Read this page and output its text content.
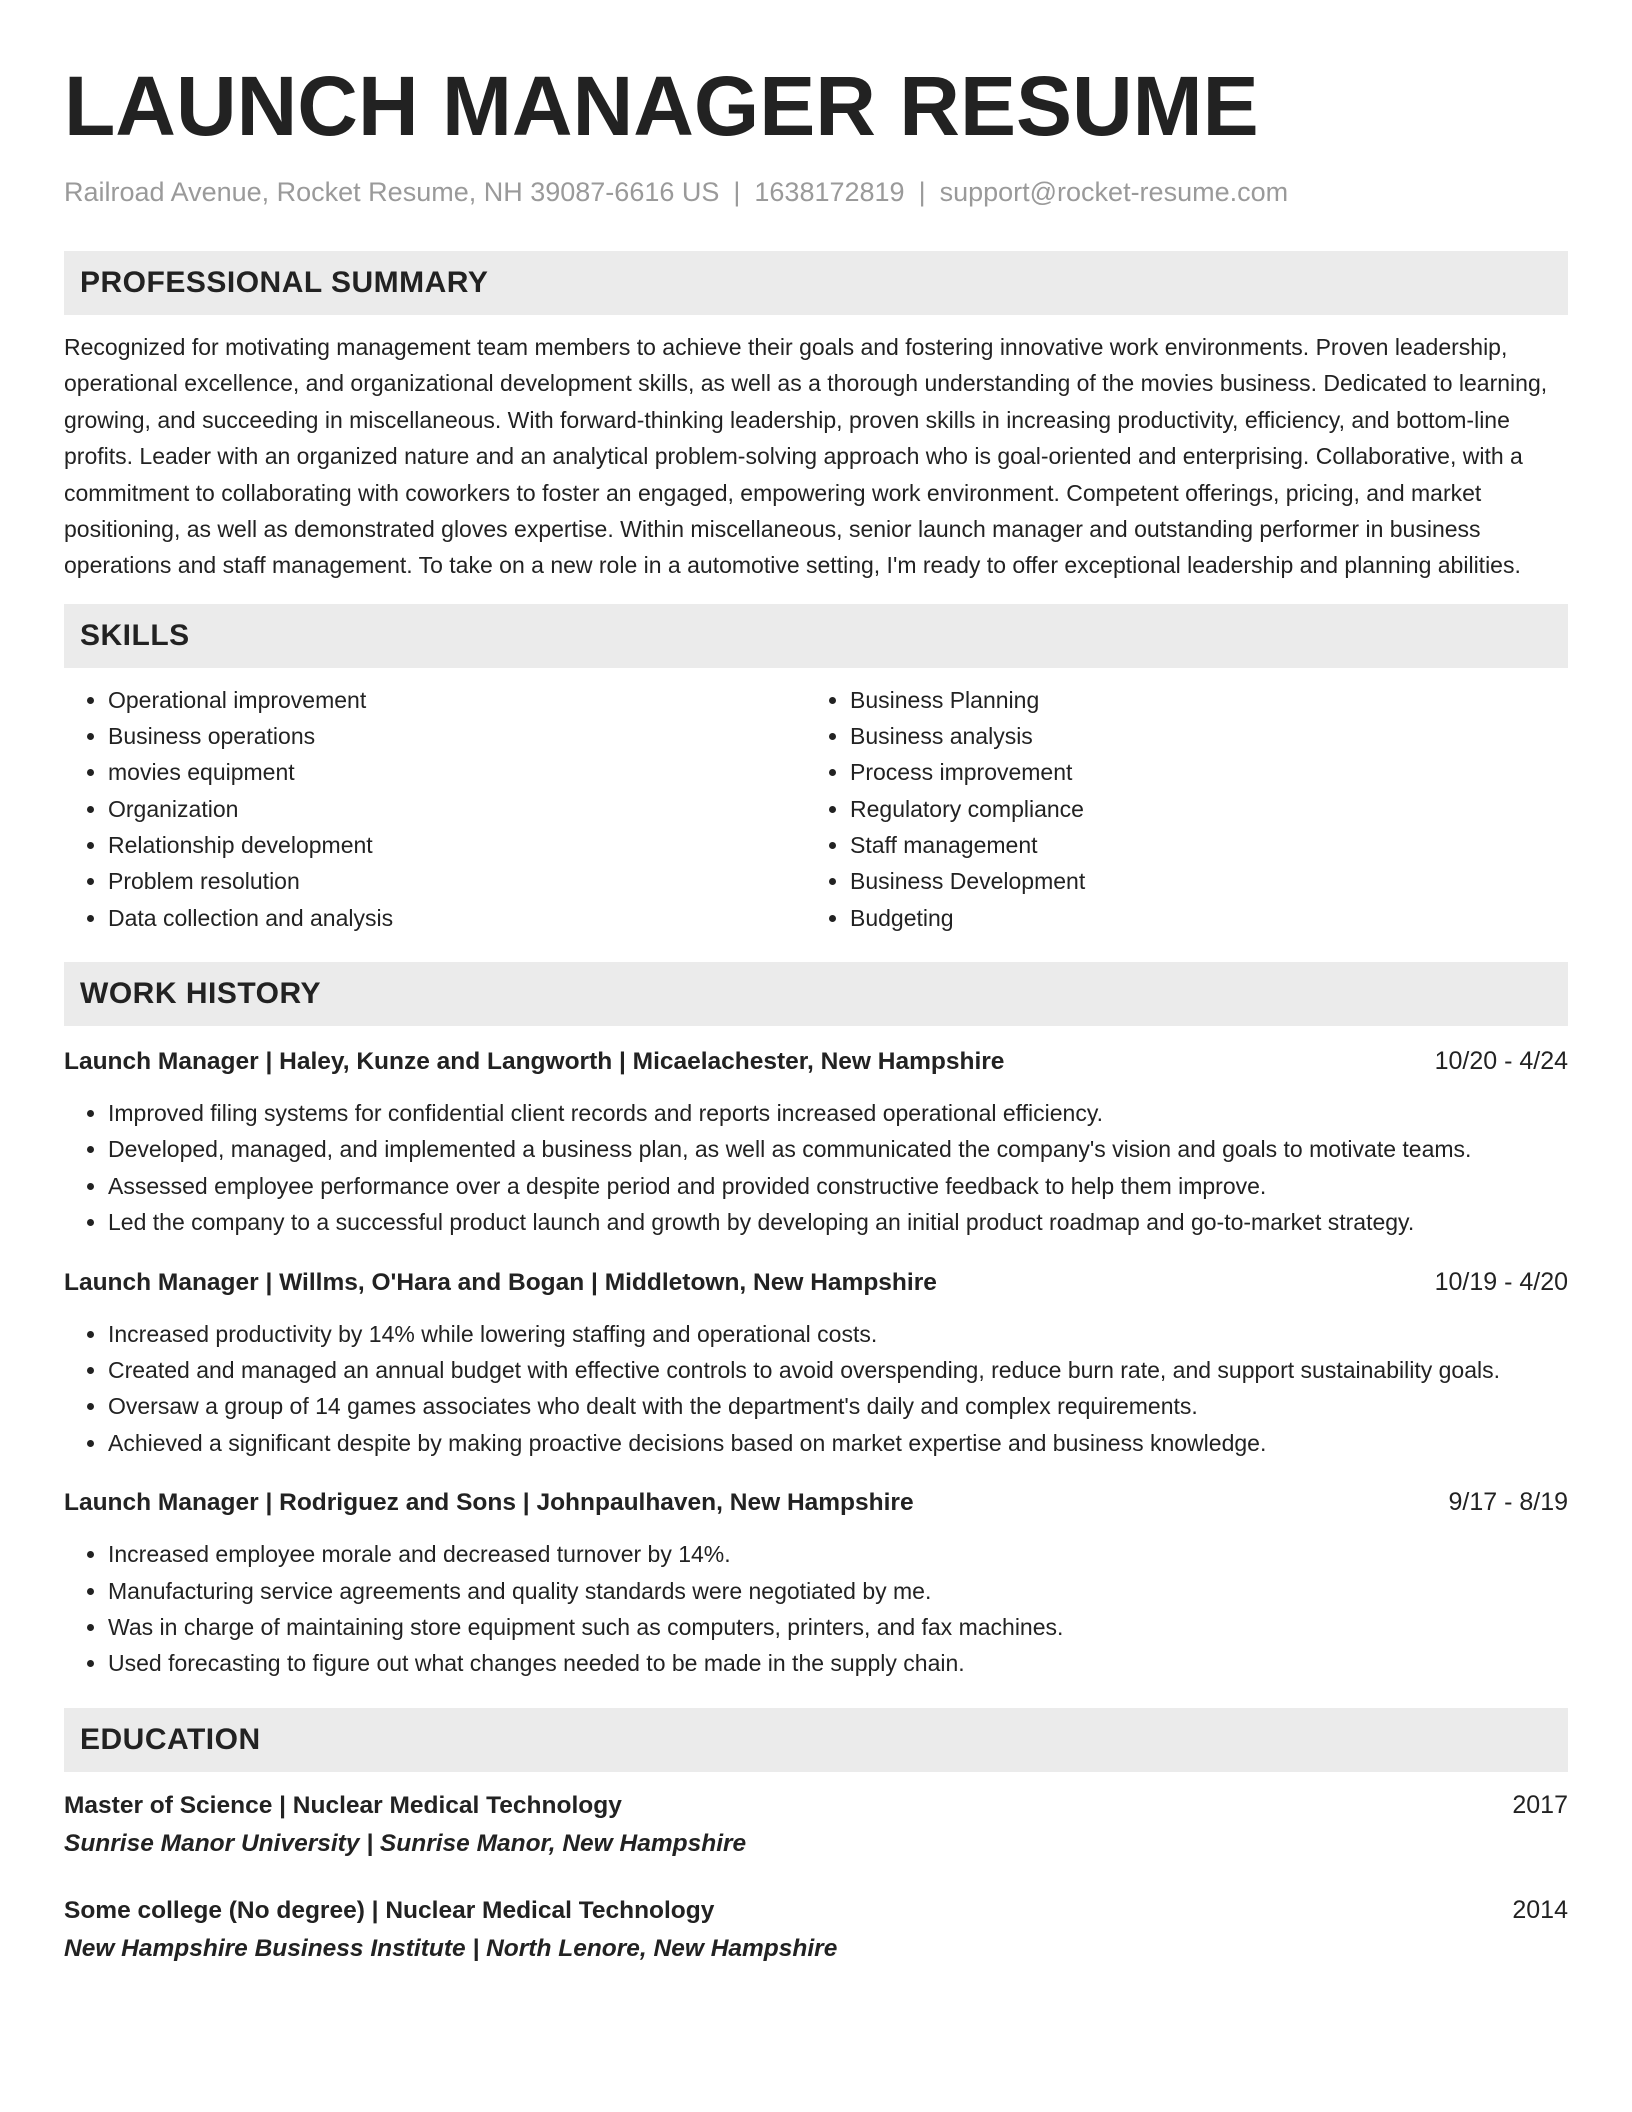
LAUNCH MANAGER RESUME
Railroad Avenue, Rocket Resume, NH 39087-6616 US | 1638172819 | support@rocket-resume.com
PROFESSIONAL SUMMARY

Recognized for motivating management team members to achieve their goals and fostering innovative work environments. Proven leadership, operational excellence, and organizational development skills, as well as a thorough understanding of the movies business. Dedicated to learning, growing, and succeeding in miscellaneous. With forward-thinking leadership, proven skills in increasing productivity, efficiency, and bottom-line profits. Leader with an organized nature and an analytical problem-solving approach who is goal-oriented and enterprising. Collaborative, with a commitment to collaborating with coworkers to foster an engaged, empowering work environment. Competent offerings, pricing, and market positioning, as well as demonstrated gloves expertise. Within miscellaneous, senior launch manager and outstanding performer in business operations and staff management. To take on a new role in a automotive setting, I'm ready to offer exceptional leadership and planning abilities.

SKILLS
• Operational improvement
• Business operations
• movies equipment
• Organization
• Relationship development
• Problem resolution
• Data collection and analysis
• Business Planning
• Business analysis
• Process improvement
• Regulatory compliance
• Staff management
• Business Development
• Budgeting
WORK HISTORY
Launch Manager | Haley, Kunze and Langworth | Micaelachester, New Hampshire	10/20 - 4/24
• Improved filing systems for confidential client records and reports increased operational efficiency.
• Developed, managed, and implemented a business plan, as well as communicated the company's vision and goals to motivate teams.
• Assessed employee performance over a despite period and provided constructive feedback to help them improve.
• Led the company to a successful product launch and growth by developing an initial product roadmap and go-to-market strategy.
Launch Manager | Willms, O'Hara and Bogan | Middletown, New Hampshire	10/19 - 4/20
• Increased productivity by 14% while lowering staffing and operational costs.
• Created and managed an annual budget with effective controls to avoid overspending, reduce burn rate, and support sustainability goals.
• Oversaw a group of 14 games associates who dealt with the department's daily and complex requirements.
• Achieved a significant despite by making proactive decisions based on market expertise and business knowledge.
Launch Manager | Rodriguez and Sons | Johnpaulhaven, New Hampshire	9/17 - 8/19
• Increased employee morale and decreased turnover by 14%.
• Manufacturing service agreements and quality standards were negotiated by me.
• Was in charge of maintaining store equipment such as computers, printers, and fax machines.
• Used forecasting to figure out what changes needed to be made in the supply chain.
EDUCATION
Master of Science | Nuclear Medical Technology	2017
Sunrise Manor University | Sunrise Manor, New Hampshire
Some college (No degree) | Nuclear Medical Technology	2014
New Hampshire Business Institute | North Lenore, New Hampshire
